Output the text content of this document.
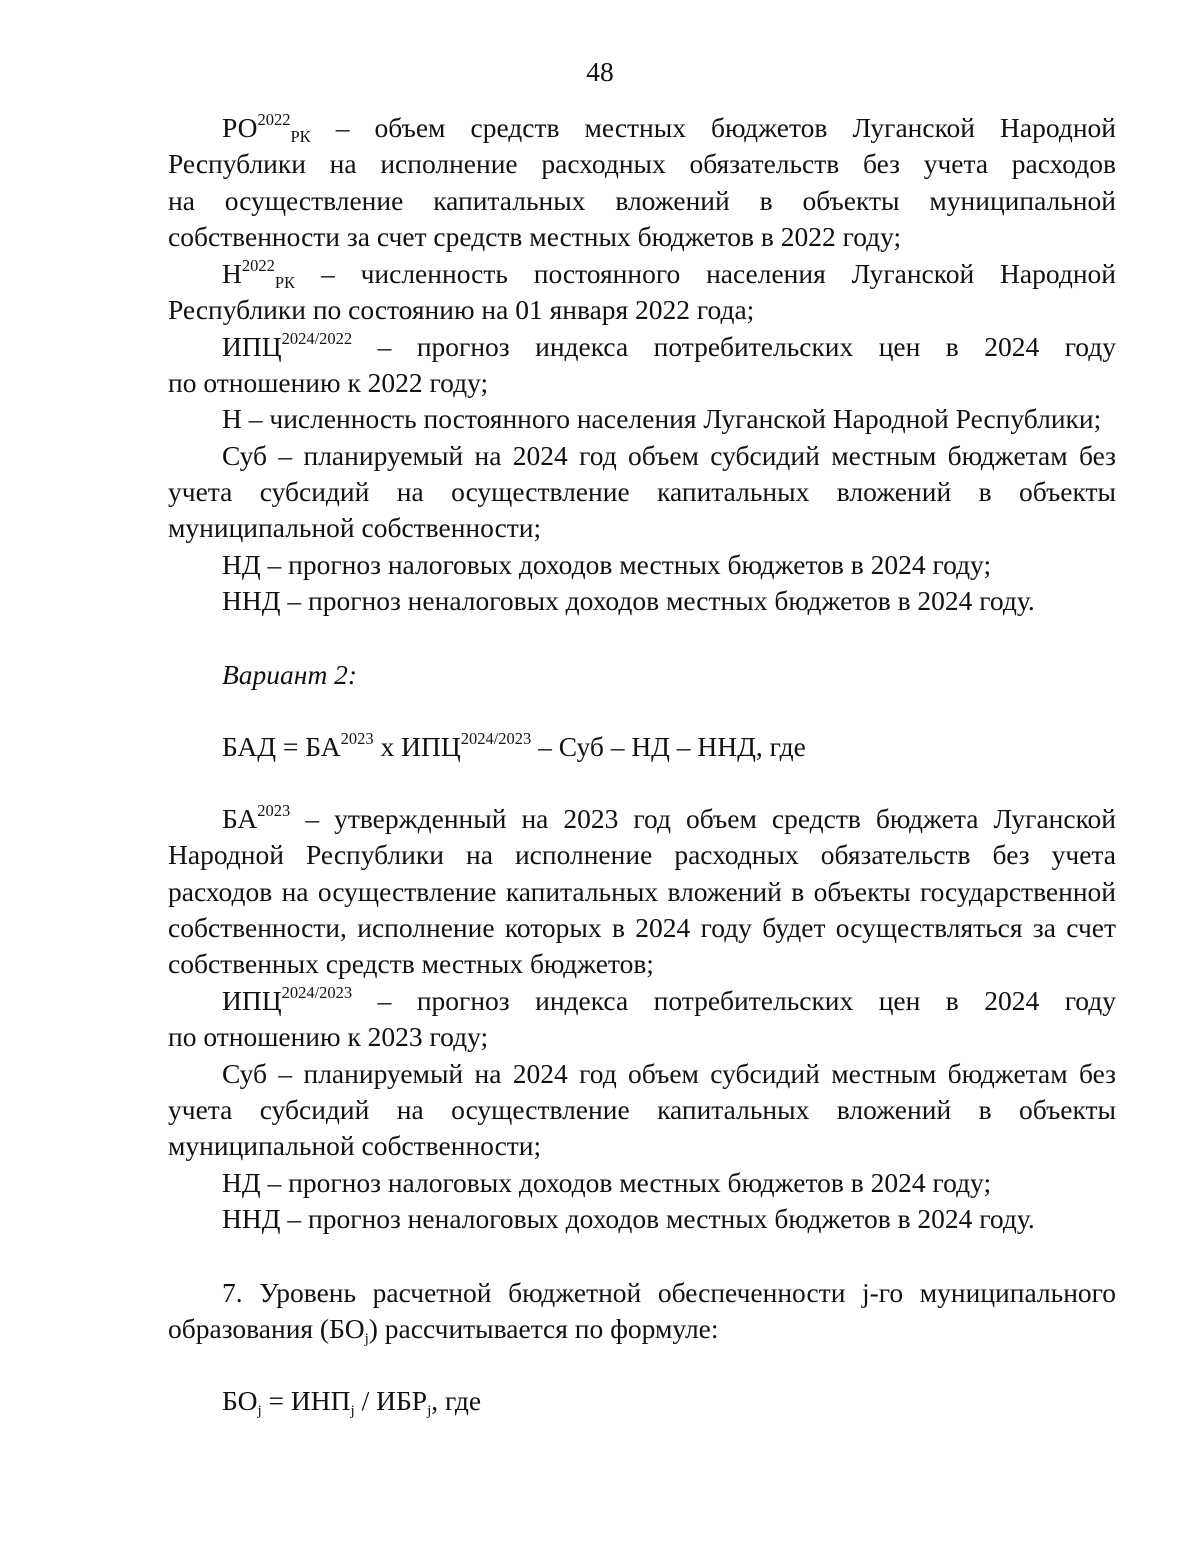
48
$РО^{2022}_{РК}$ – объем средств местных бюджетов Луганской Народной
Республики на исполнение расходных обязательств без учета расходов
на осуществление капитальных вложений в объекты муниципальной
собственности за счет средств местных бюджетов в 2022 году;
$Н^{2022}_{РК}$ – численность постоянного населения Луганской Народной
Республики по состоянию на 01 января 2022 года;
$ИПЦ^{2024/2022}$ – прогноз индекса потребительских цен в 2024 году
по отношению к 2022 году;
Н – численность постоянного населения Луганской Народной Республики;
Суб – планируемый на 2024 год объем субсидий местным бюджетам без
учета субсидий на осуществление капитальных вложений в объекты
муниципальной собственности;
НД – прогноз налоговых доходов местных бюджетов в 2024 году;
ННД – прогноз неналоговых доходов местных бюджетов в 2024 году.
Вариант 2:
БАД = $БА^{2023}$ х $ИПЦ^{2024/2023}$ – Суб – НД – ННД, где
$БА^{2023}$ – утвержденный на 2023 год объем средств бюджета Луганской
Народной Республики на исполнение расходных обязательств без учета
расходов на осуществление капитальных вложений в объекты государственной
собственности, исполнение которых в 2024 году будет осуществляться за счет
собственных средств местных бюджетов;
$ИПЦ^{2024/2023}$ – прогноз индекса потребительских цен в 2024 году
по отношению к 2023 году;
Суб – планируемый на 2024 год объем субсидий местным бюджетам без
учета субсидий на осуществление капитальных вложений в объекты
муниципальной собственности;
НД – прогноз налоговых доходов местных бюджетов в 2024 году;
ННД – прогноз неналоговых доходов местных бюджетов в 2024 году.
7. Уровень расчетной бюджетной обеспеченности j-го муниципального
образования $(БО_j)$ рассчитывается по формуле:
$БО_j = ИНП_j / ИБР_j$, где
